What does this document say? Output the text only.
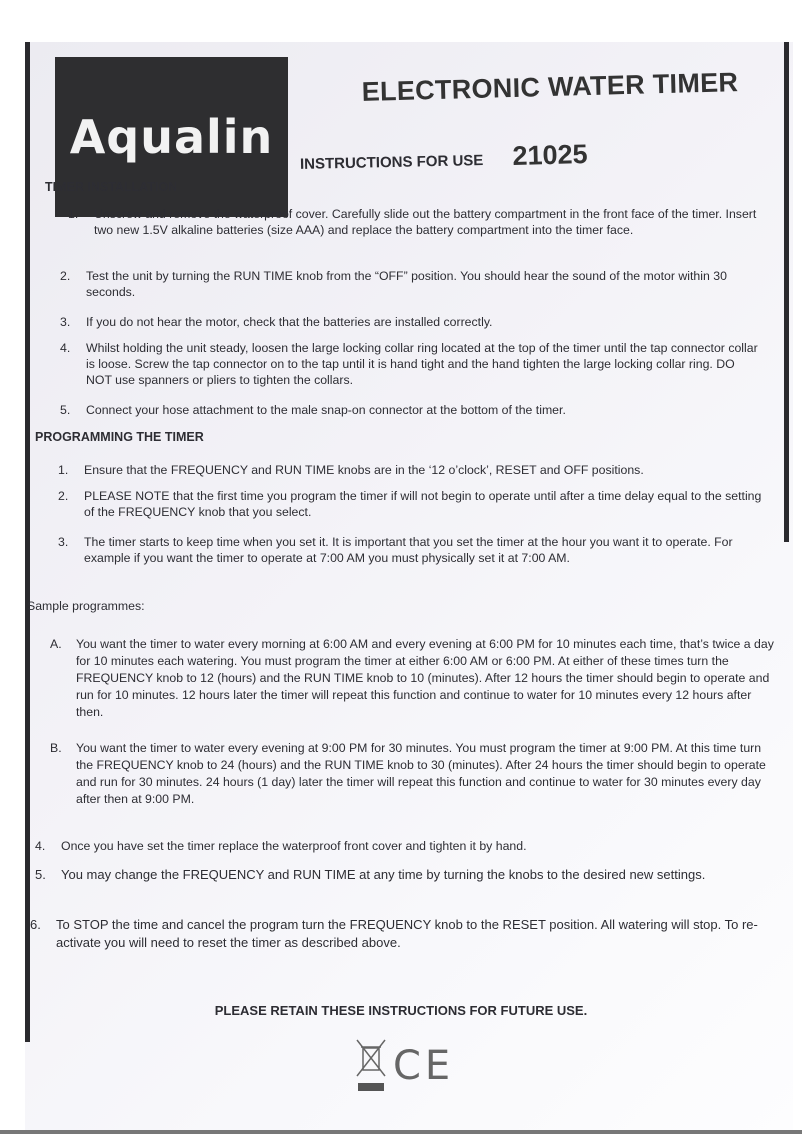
Aqualin
ELECTRONIC WATER TIMER
21025
INSTRUCTIONS FOR USE
TIMER INSTALLATION
1.	Unscrew and remove the waterproof cover. Carefully slide out the battery compartment in the front face of the timer. Insert two new 1.5V alkaline batteries (size AAA) and replace the battery compartment into the timer face.
2.	Test the unit by turning the RUN TIME knob from the “OFF” position. You should hear the sound of the motor within 30 seconds.
3.	If you do not hear the motor, check that the batteries are installed correctly.
4.	Whilst holding the unit steady, loosen the large locking collar ring located at the top of the timer until the tap connector collar is loose. Screw the tap connector on to the tap until it is hand tight and the hand tighten the large locking collar ring. DO NOT use spanners or pliers to tighten the collars.
5.	Connect your hose attachment to the male snap-on connector at the bottom of the timer.
PROGRAMMING THE TIMER
1.	Ensure that the FREQUENCY and RUN TIME knobs are in the ‘12 o’clock’, RESET and OFF positions.
2.	PLEASE NOTE that the first time you program the timer if will not begin to operate until after a time delay equal to the setting of the FREQUENCY knob that you select.
3.	The timer starts to keep time when you set it. It is important that you set the timer at the hour you want it to operate. For example if you want the timer to operate at 7:00 AM you must physically set it at 7:00 AM.
Sample programmes:
A.	You want the timer to water every morning at 6:00 AM and every evening at 6:00 PM for 10 minutes each time, that’s twice a day for 10 minutes each watering. You must program the timer at either 6:00 AM or 6:00 PM. At either of these times turn the FREQUENCY knob to 12 (hours) and the RUN TIME knob to 10 (minutes). After 12 hours the timer should begin to operate and run for 10 minutes. 12 hours later the timer will repeat this function and continue to water for 10 minutes every 12 hours after then.
B.	You want the timer to water every evening at 9:00 PM for 30 minutes. You must program the timer at 9:00 PM. At this time turn the FREQUENCY knob to 24 (hours) and the RUN TIME knob to 30 (minutes). After 24 hours the timer should begin to operate and run for 30 minutes. 24 hours (1 day) later the timer will repeat this function and continue to water for 30 minutes every day after then at 9:00 PM.
4.	Once you have set the timer replace the waterproof front cover and tighten it by hand.
5.	You may change the FREQUENCY and RUN TIME at any time by turning the knobs to the desired new settings.
6.	To STOP the time and cancel the program turn the FREQUENCY knob to the RESET position. All watering will stop. To re-activate you will need to reset the timer as described above.
PLEASE RETAIN THESE INSTRUCTIONS FOR FUTURE USE.
CE
